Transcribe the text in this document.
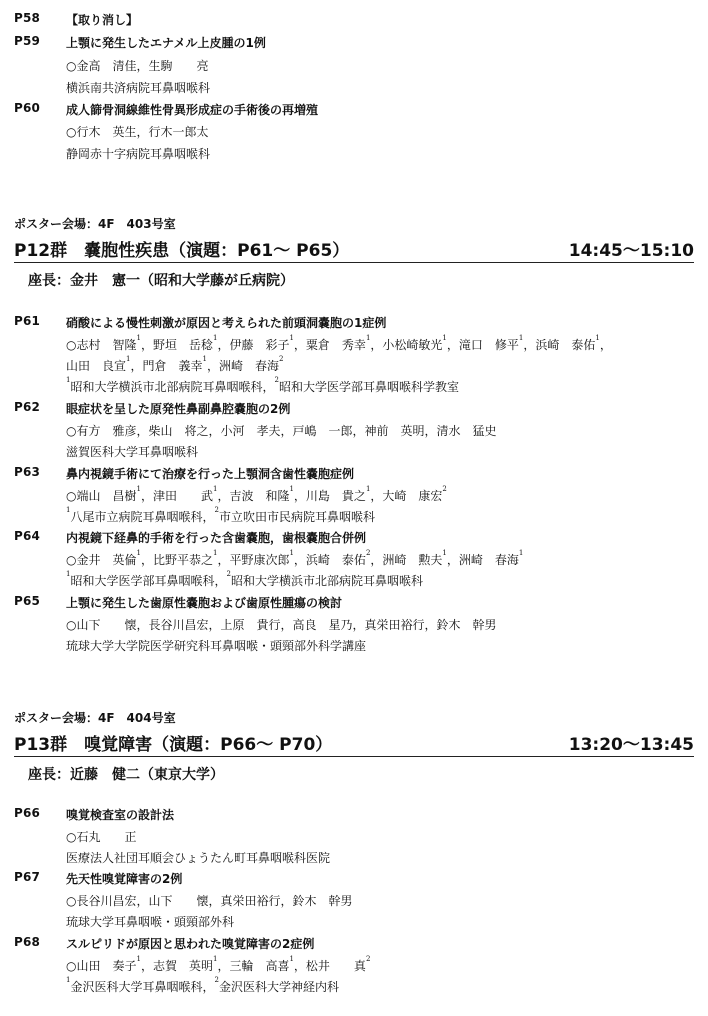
P58 【取り消し】
P59 上顎に発生したエナメル上皮腫の1例
○金高　清佳，生駒　　亮
横浜南共済病院耳鼻咽喉科
P60 成人篩骨洞線維性骨異形成症の手術後の再増殖
○行木　英生，行木一郎太
静岡赤十字病院耳鼻咽喉科
ポスター会場：4F　403号室
P12群　嚢胞性疾患（演題：P61～ P65）	14:45～15:10
座長：金井　憲一（昭和大学藤が丘病院）
P61 硝酸による慢性刺激が原因と考えられた前頭洞嚢胞の1症例
○志村　智隆$^1$，野垣　岳稔$^1$，伊藤　彩子$^1$，粟倉　秀幸$^1$，小松崎敏光$^1$，滝口　修平$^1$，浜崎　泰佑$^1$，
山田　良宣$^1$，門倉　義幸$^1$，洲崎　春海$^2$
$^1$昭和大学横浜市北部病院耳鼻咽喉科，$^2$昭和大学医学部耳鼻咽喉科学教室
P62 眼症状を呈した原発性鼻副鼻腔嚢胞の2例
○有方　雅彦，柴山　将之，小河　孝夫，戸嶋　一郎，神前　英明，清水　猛史
滋賀医科大学耳鼻咽喉科
P63 鼻内視鏡手術にて治療を行った上顎洞含歯性嚢胞症例
○端山　昌樹$^1$，津田　　武$^1$，吉波　和隆$^1$，川島　貴之$^1$，大崎　康宏$^2$
$^1$八尾市立病院耳鼻咽喉科，$^2$市立吹田市民病院耳鼻咽喉科
P64 内視鏡下経鼻的手術を行った含歯嚢胞，歯根嚢胞合併例
○金井　英倫$^1$，比野平恭之$^1$，平野康次郎$^1$，浜崎　泰佑$^2$，洲崎　勲夫$^1$，洲崎　春海$^1$
$^1$昭和大学医学部耳鼻咽喉科，$^2$昭和大学横浜市北部病院耳鼻咽喉科
P65 上顎に発生した歯原性嚢胞および歯原性腫瘍の検討
○山下　　懐，長谷川昌宏，上原　貴行，高良　星乃，真栄田裕行，鈴木　幹男
琉球大学大学院医学研究科耳鼻咽喉・頭頸部外科学講座
ポスター会場：4F　404号室
P13群　嗅覚障害（演題：P66～ P70）	13:20～13:45
座長：近藤　健二（東京大学）
P66 嗅覚検査室の設計法
○石丸　　正
医療法人社団耳順会ひょうたん町耳鼻咽喉科医院
P67 先天性嗅覚障害の2例
○長谷川昌宏，山下　　懐，真栄田裕行，鈴木　幹男
琉球大学耳鼻咽喉・頭頸部外科
P68 スルピリドが原因と思われた嗅覚障害の2症例
○山田　奏子$^1$，志賀　英明$^1$，三輪　高喜$^1$，松井　　真$^2$
$^1$金沢医科大学耳鼻咽喉科，$^2$金沢医科大学神経内科
